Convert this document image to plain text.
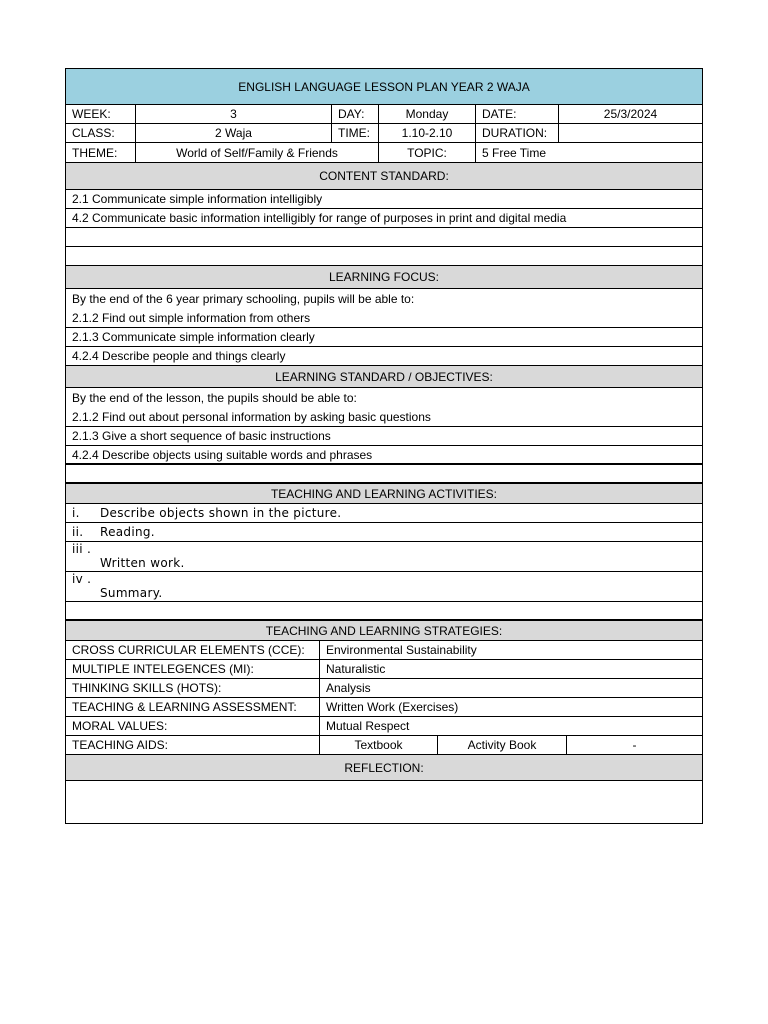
ENGLISH LANGUAGE LESSON PLAN YEAR 2 WAJA
WEEK:	3	DAY:	Monday	DATE:	25/3/2024
CLASS:	2 Waja	TIME:	1.10-2.10	DURATION:
THEME:	World of Self/Family & Friends	TOPIC:	5 Free Time
CONTENT STANDARD:
2.1 Communicate simple information intelligibly
4.2 Communicate basic information intelligibly for range of purposes in print and digital media
LEARNING FOCUS:
By the end of the 6 year primary schooling, pupils will be able to:
2.1.2 Find out simple information from others
2.1.3 Communicate simple information clearly
4.2.4 Describe people and things clearly
LEARNING STANDARD / OBJECTIVES:
By the end of the lesson, the pupils should be able to:
2.1.2 Find out about personal information by asking basic questions
2.1.3 Give a short sequence of basic instructions
4.2.4 Describe objects using suitable words and phrases
TEACHING AND LEARNING ACTIVITIES:
i.	Describe objects shown in the picture.
ii.	Reading.
iii .
Written work.
iv .
Summary.
TEACHING AND LEARNING STRATEGIES:
CROSS CURRICULAR ELEMENTS (CCE):	Environmental Sustainability
MULTIPLE INTELEGENCES (MI):	Naturalistic
THINKING SKILLS (HOTS):	Analysis
TEACHING & LEARNING ASSESSMENT:	Written Work (Exercises)
MORAL VALUES:	Mutual Respect
TEACHING AIDS:	Textbook	Activity Book	-
REFLECTION:
